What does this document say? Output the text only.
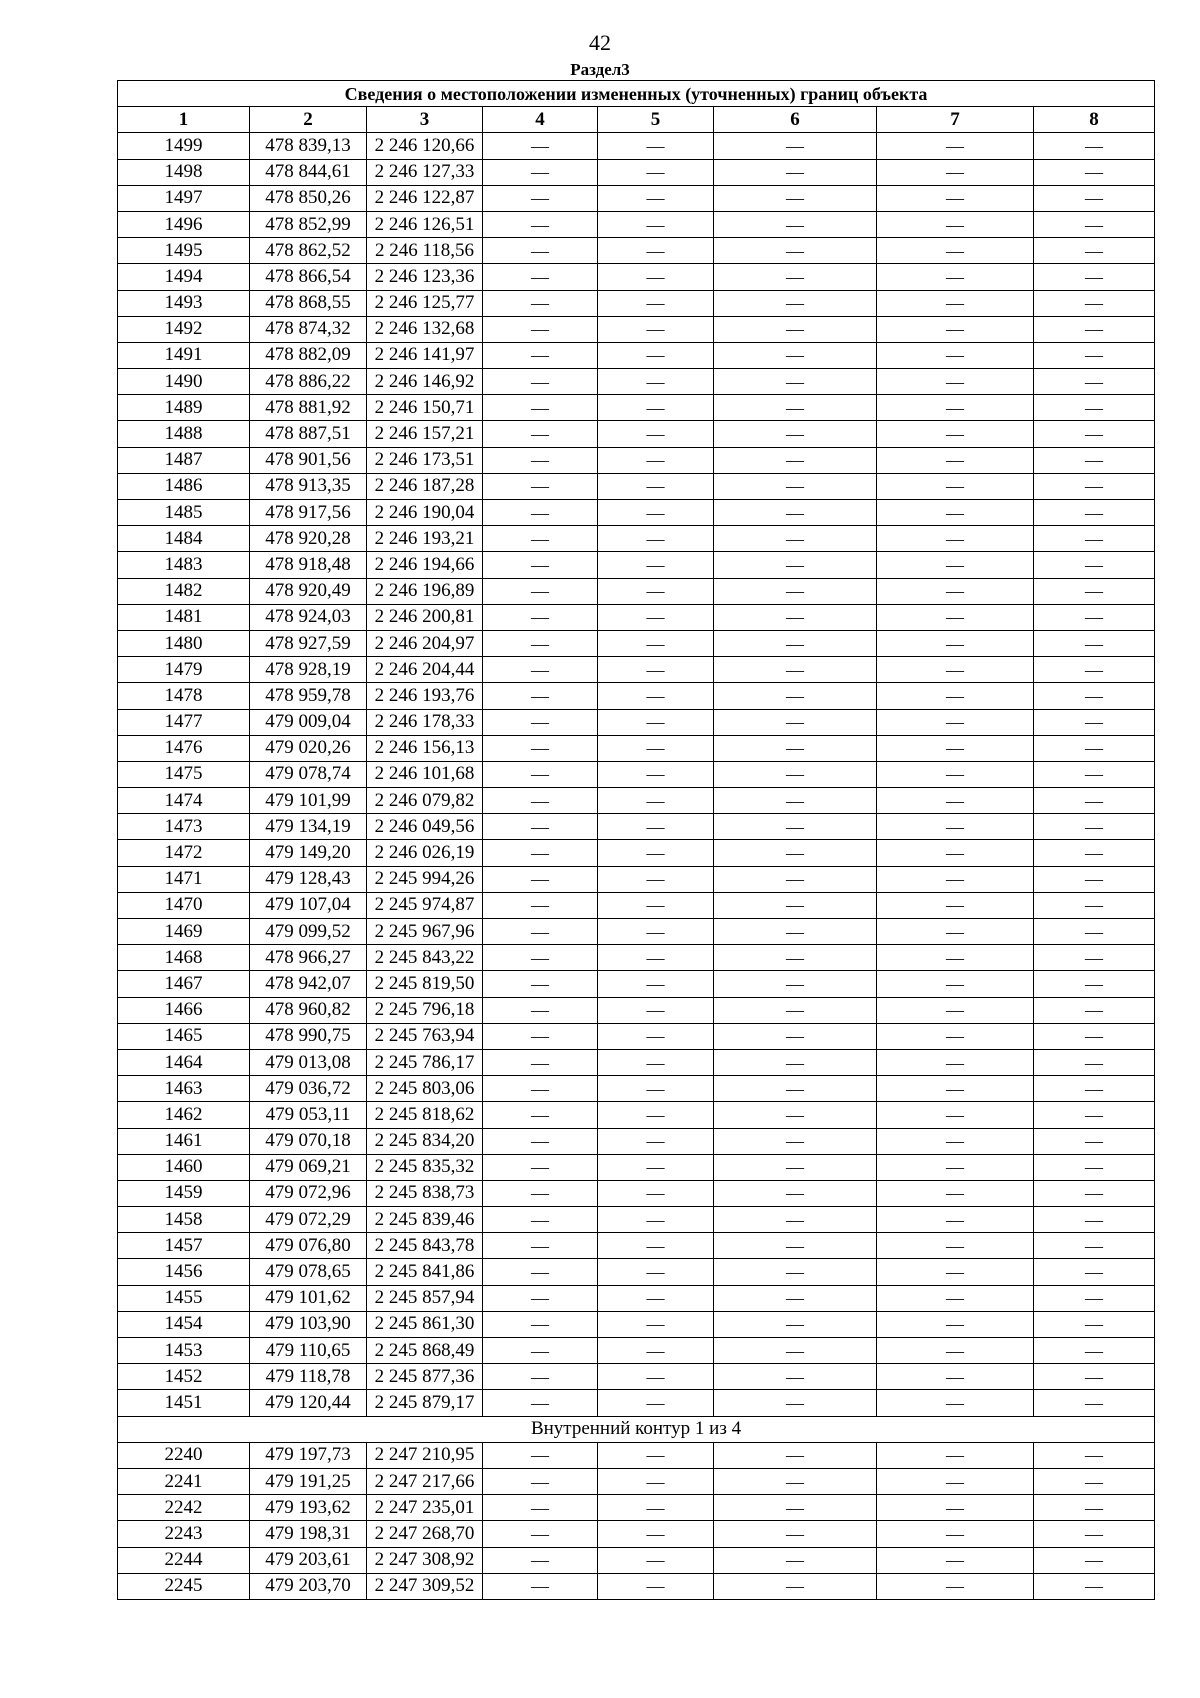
42
Раздел3
Сведения о местоположении измененных (уточненных) границ объекта							
1	2	3	4	5	6	7	8
1499	478 839,13	2 246 120,66	—	—	—	—	—
1498	478 844,61	2 246 127,33	—	—	—	—	—
1497	478 850,26	2 246 122,87	—	—	—	—	—
1496	478 852,99	2 246 126,51	—	—	—	—	—
1495	478 862,52	2 246 118,56	—	—	—	—	—
1494	478 866,54	2 246 123,36	—	—	—	—	—
1493	478 868,55	2 246 125,77	—	—	—	—	—
1492	478 874,32	2 246 132,68	—	—	—	—	—
1491	478 882,09	2 246 141,97	—	—	—	—	—
1490	478 886,22	2 246 146,92	—	—	—	—	—
1489	478 881,92	2 246 150,71	—	—	—	—	—
1488	478 887,51	2 246 157,21	—	—	—	—	—
1487	478 901,56	2 246 173,51	—	—	—	—	—
1486	478 913,35	2 246 187,28	—	—	—	—	—
1485	478 917,56	2 246 190,04	—	—	—	—	—
1484	478 920,28	2 246 193,21	—	—	—	—	—
1483	478 918,48	2 246 194,66	—	—	—	—	—
1482	478 920,49	2 246 196,89	—	—	—	—	—
1481	478 924,03	2 246 200,81	—	—	—	—	—
1480	478 927,59	2 246 204,97	—	—	—	—	—
1479	478 928,19	2 246 204,44	—	—	—	—	—
1478	478 959,78	2 246 193,76	—	—	—	—	—
1477	479 009,04	2 246 178,33	—	—	—	—	—
1476	479 020,26	2 246 156,13	—	—	—	—	—
1475	479 078,74	2 246 101,68	—	—	—	—	—
1474	479 101,99	2 246 079,82	—	—	—	—	—
1473	479 134,19	2 246 049,56	—	—	—	—	—
1472	479 149,20	2 246 026,19	—	—	—	—	—
1471	479 128,43	2 245 994,26	—	—	—	—	—
1470	479 107,04	2 245 974,87	—	—	—	—	—
1469	479 099,52	2 245 967,96	—	—	—	—	—
1468	478 966,27	2 245 843,22	—	—	—	—	—
1467	478 942,07	2 245 819,50	—	—	—	—	—
1466	478 960,82	2 245 796,18	—	—	—	—	—
1465	478 990,75	2 245 763,94	—	—	—	—	—
1464	479 013,08	2 245 786,17	—	—	—	—	—
1463	479 036,72	2 245 803,06	—	—	—	—	—
1462	479 053,11	2 245 818,62	—	—	—	—	—
1461	479 070,18	2 245 834,20	—	—	—	—	—
1460	479 069,21	2 245 835,32	—	—	—	—	—
1459	479 072,96	2 245 838,73	—	—	—	—	—
1458	479 072,29	2 245 839,46	—	—	—	—	—
1457	479 076,80	2 245 843,78	—	—	—	—	—
1456	479 078,65	2 245 841,86	—	—	—	—	—
1455	479 101,62	2 245 857,94	—	—	—	—	—
1454	479 103,90	2 245 861,30	—	—	—	—	—
1453	479 110,65	2 245 868,49	—	—	—	—	—
1452	479 118,78	2 245 877,36	—	—	—	—	—
1451	479 120,44	2 245 879,17	—	—	—	—	—
Внутренний контур 1 из 4							
2240	479 197,73	2 247 210,95	—	—	—	—	—
2241	479 191,25	2 247 217,66	—	—	—	—	—
2242	479 193,62	2 247 235,01	—	—	—	—	—
2243	479 198,31	2 247 268,70	—	—	—	—	—
2244	479 203,61	2 247 308,92	—	—	—	—	—
2245	479 203,70	2 247 309,52	—	—	—	—	—
